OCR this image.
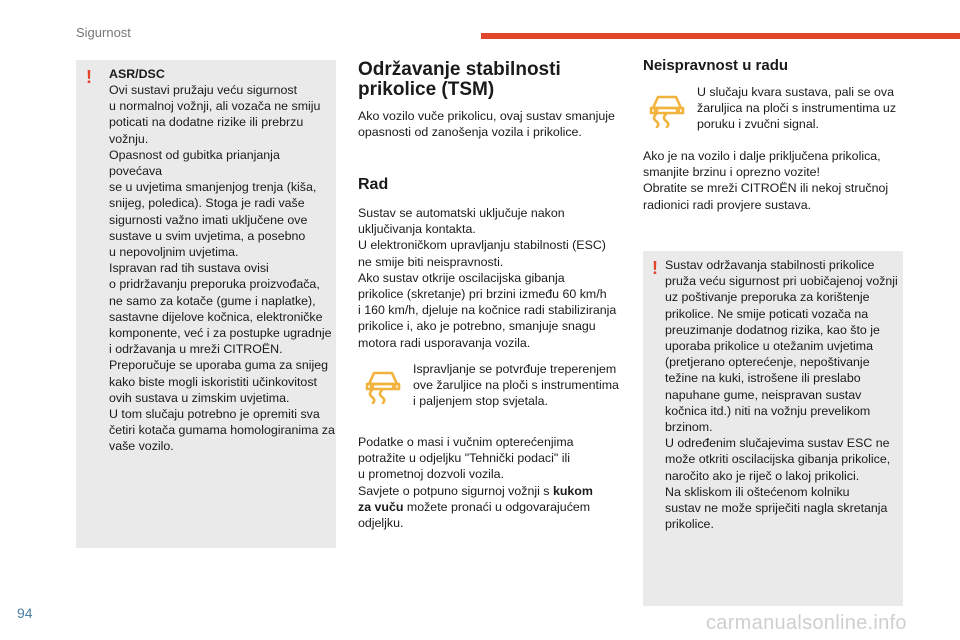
Sigurnost
! ASR/DSC
Ovi sustavi pružaju veću sigurnost
u normalnoj vožnji, ali vozača ne smiju
poticati na dodatne rizike ili prebrzu
vožnju.
Opasnost od gubitka prianjanja povećava
se u uvjetima smanjenjog trenja (kiša,
snijeg, poledica). Stoga je radi vaše
sigurnosti važno imati uključene ove
sustave u svim uvjetima, a posebno
u nepovoljnim uvjetima.
Ispravan rad tih sustava ovisi
o pridržavanju preporuka proizvođača,
ne samo za kotače (gume i naplatke),
sastavne dijelove kočnica, elektroničke
komponente, već i za postupke ugradnje
i održavanja u mreži CITROËN.
Preporučuje se uporaba guma za snijeg
kako biste mogli iskoristiti učinkovitost
ovih sustava u zimskim uvjetima.
U tom slučaju potrebno je opremiti sva
četiri kotača gumama homologiranima za
vaše vozilo.
Održavanje stabilnosti
prikolice (TSM)
Ako vozilo vuče prikolicu, ovaj sustav smanjuje
opasnosti od zanošenja vozila i prikolice.
Rad
Sustav se automatski uključuje nakon
uključivanja kontakta.
U elektroničkom upravljanju stabilnosti (ESC)
ne smije biti neispravnosti.
Ako sustav otkrije oscilacijska gibanja
prikolice (skretanje) pri brzini između 60 km/h
i 160 km/h, djeluje na kočnice radi stabiliziranja
prikolice i, ako je potrebno, smanjuje snagu
motora radi usporavanja vozila.
Ispravljanje se potvrđuje treperenjem
ove žaruljice na ploči s instrumentima
i paljenjem stop svjetala.
Podatke o masi i vučnim opterećenjima
potražite u odjeljku "Tehnički podaci" ili
u prometnoj dozvoli vozila.
Savjete o potpuno sigurnoj vožnji s kukom
za vuču možete pronaći u odgovarajućem
odjeljku.
Neispravnost u radu
U slučaju kvara sustava, pali se ova
žaruljica na ploči s instrumentima uz
poruku i zvučni signal.
Ako je na vozilo i dalje priključena prikolica,
smanjite brzinu i oprezno vozite!
Obratite se mreži CITROËN ili nekoj stručnoj
radionici radi provjere sustava.
! Sustav održavanja stabilnosti prikolice
pruža veću sigurnost pri uobičajenoj vožnji
uz poštivanje preporuka za korištenje
prikolice. Ne smije poticati vozača na
preuzimanje dodatnog rizika, kao što je
uporaba prikolice u otežanim uvjetima
(pretjerano opterećenje, nepoštivanje
težine na kuki, istrošene ili preslabo
napuhane gume, neispravan sustav
kočnica itd.) niti na vožnju prevelikom
brzinom.
U određenim slučajevima sustav ESC ne
može otkriti oscilacijska gibanja prikolice,
naročito ako je riječ o lakoj prikolici.
Na skliskom ili oštećenom kolniku
sustav ne može spriječiti nagla skretanja
prikolice.
94	carmanualsonline.info
